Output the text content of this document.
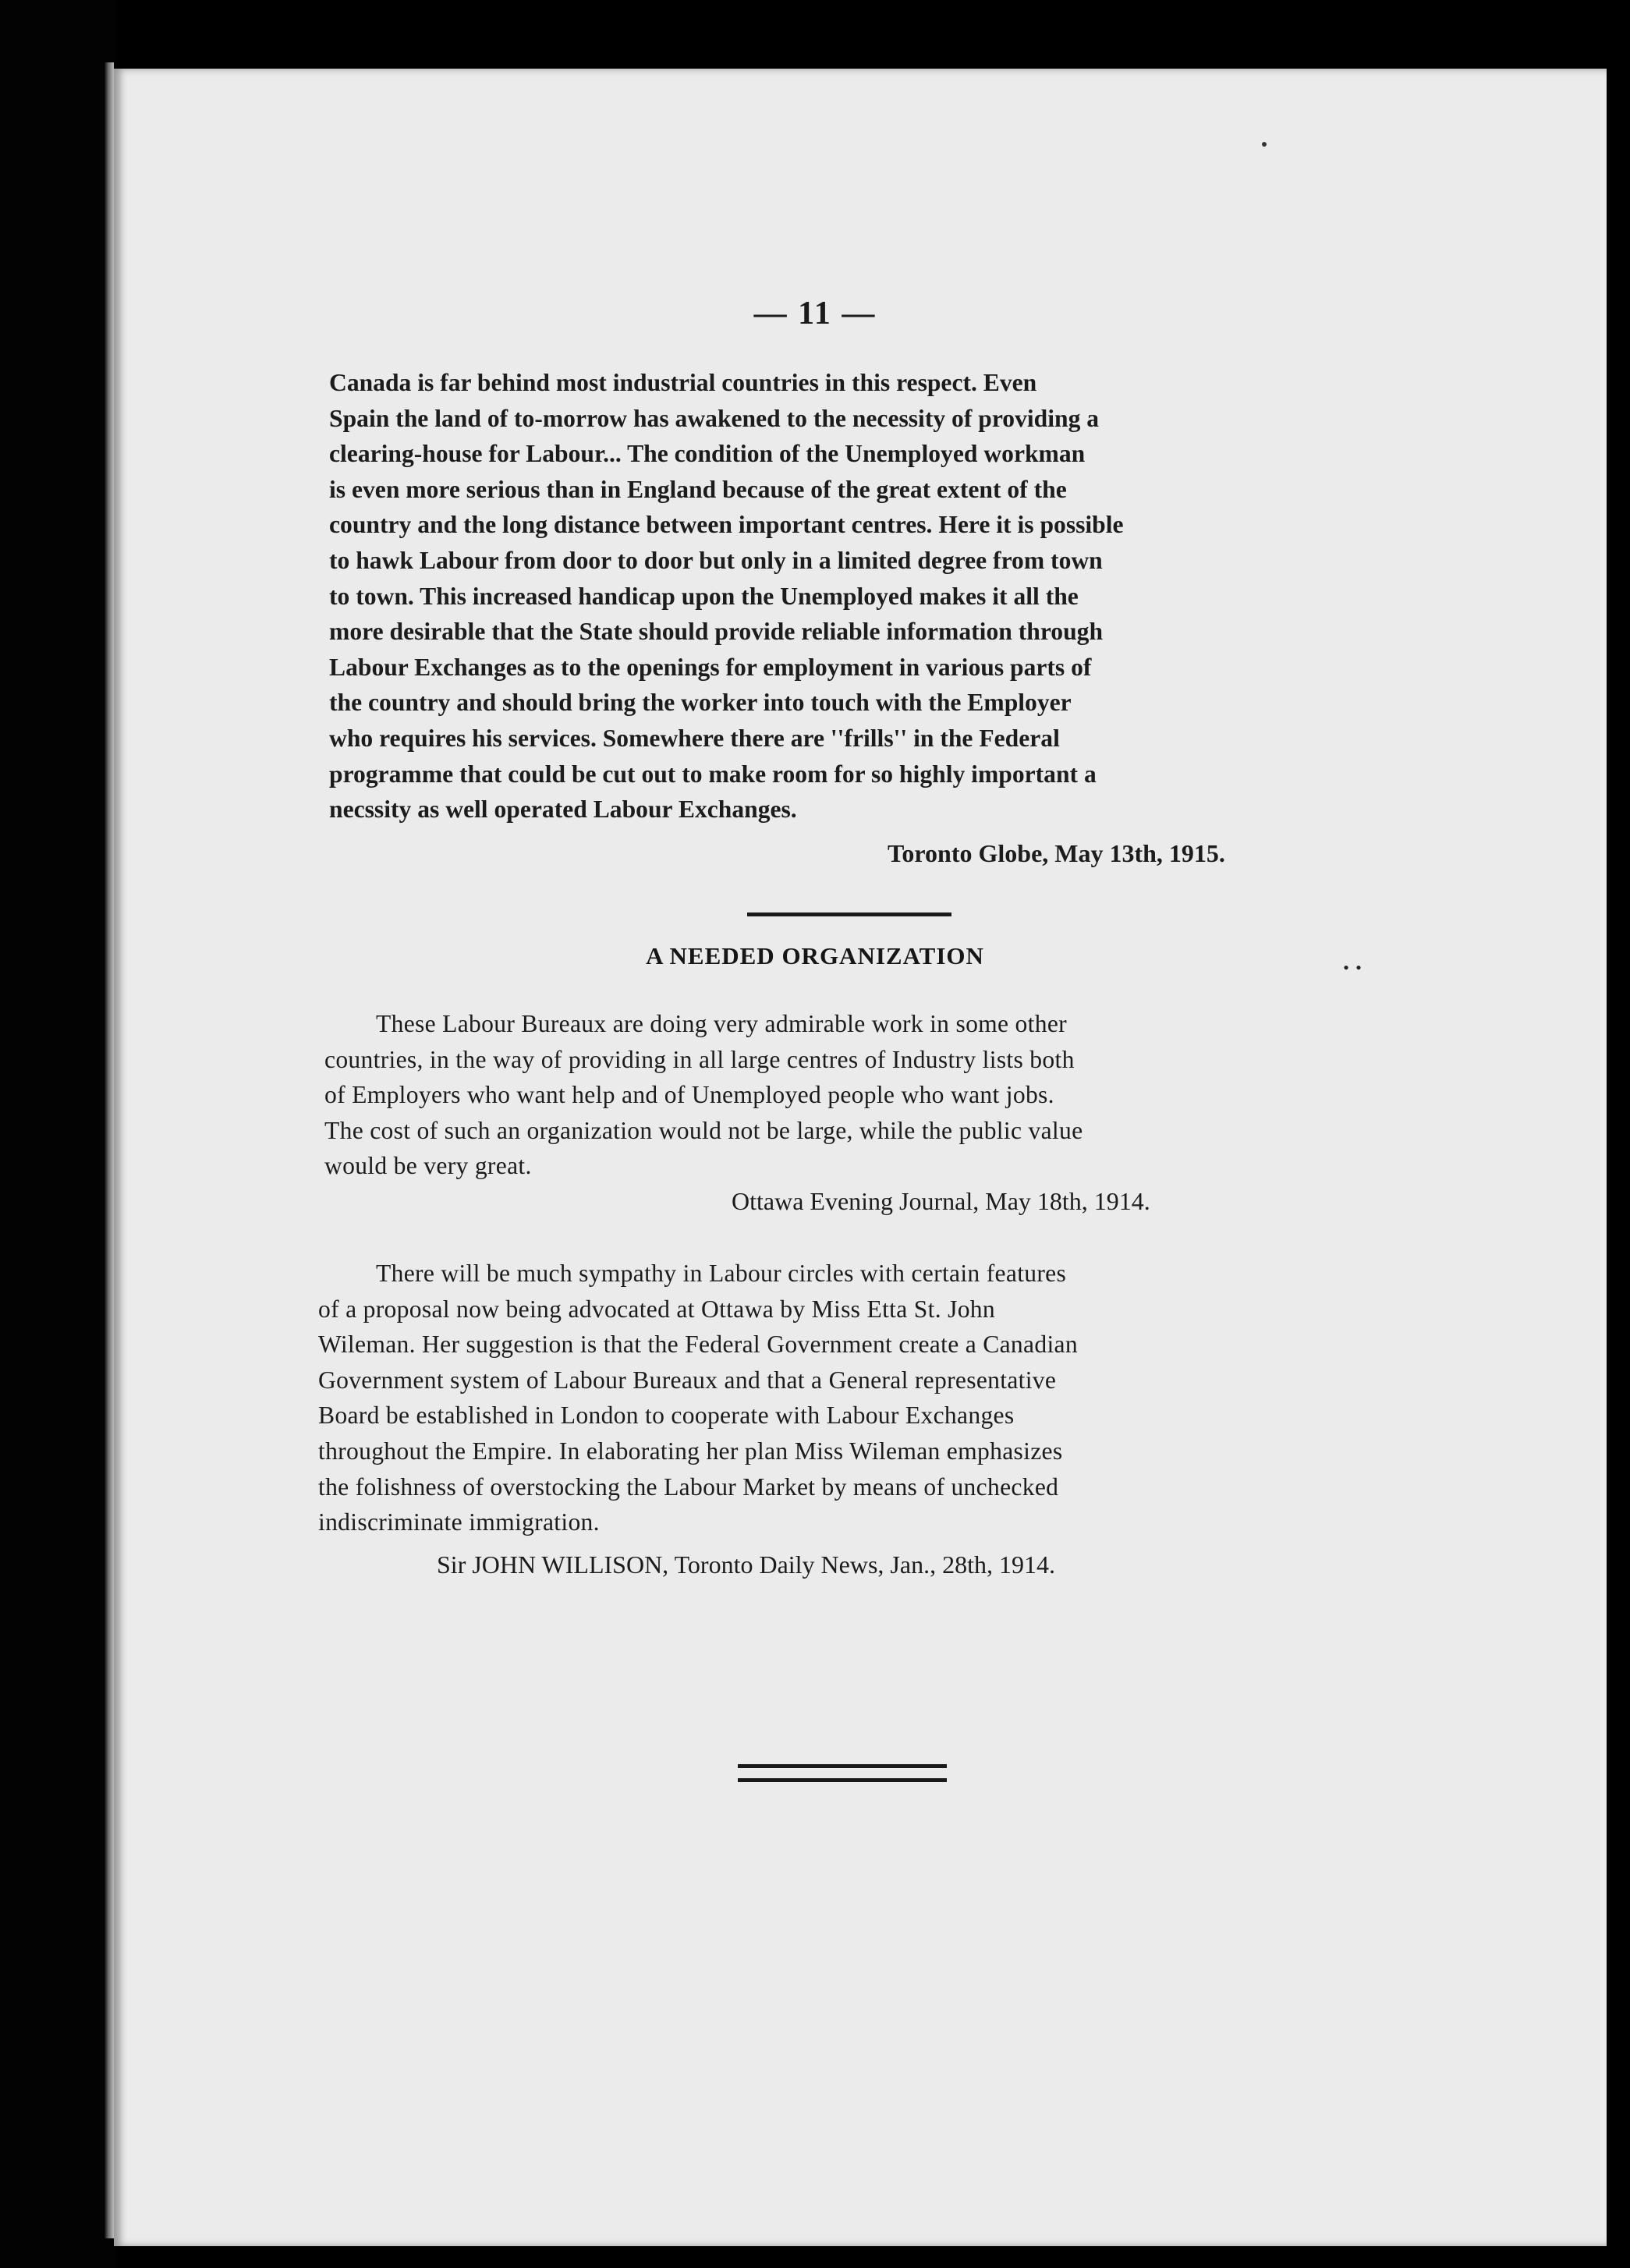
— 11 —
Canada is far behind most industrial countries in this respect. Even
Spain the land of to-morrow has awakened to the necessity of providing a
clearing-house for Labour... The condition of the Unemployed workman
is even more serious than in England because of the great extent of the
country and the long distance between important centres. Here it is possible
to hawk Labour from door to door but only in a limited degree from town
to town. This increased handicap upon the Unemployed makes it all the
more desirable that the State should provide reliable information through
Labour Exchanges as to the openings for employment in various parts of
the country and should bring the worker into touch with the Employer
who requires his services. Somewhere there are ''frills'' in the Federal
programme that could be cut out to make room for so highly important a
necssity as well operated Labour Exchanges.
Toronto Globe, May 13th, 1915.
A NEEDED ORGANIZATION	. .
These Labour Bureaux are doing very admirable work in some other
countries, in the way of providing in all large centres of Industry lists both
of Employers who want help and of Unemployed people who want jobs.
The cost of such an organization would not be large, while the public value
would be very great.
Ottawa Evening Journal, May 18th, 1914.
There will be much sympathy in Labour circles with certain features
of a proposal now being advocated at Ottawa by Miss Etta St. John
Wileman. Her suggestion is that the Federal Government create a Canadian
Government system of Labour Bureaux and that a General representative
Board be established in London to cooperate with Labour Exchanges
throughout the Empire. In elaborating her plan Miss Wileman emphasizes
the folishness of overstocking the Labour Market by means of unchecked
indiscriminate immigration.
Sir JOHN WILLISON, Toronto Daily News, Jan., 28th, 1914.
